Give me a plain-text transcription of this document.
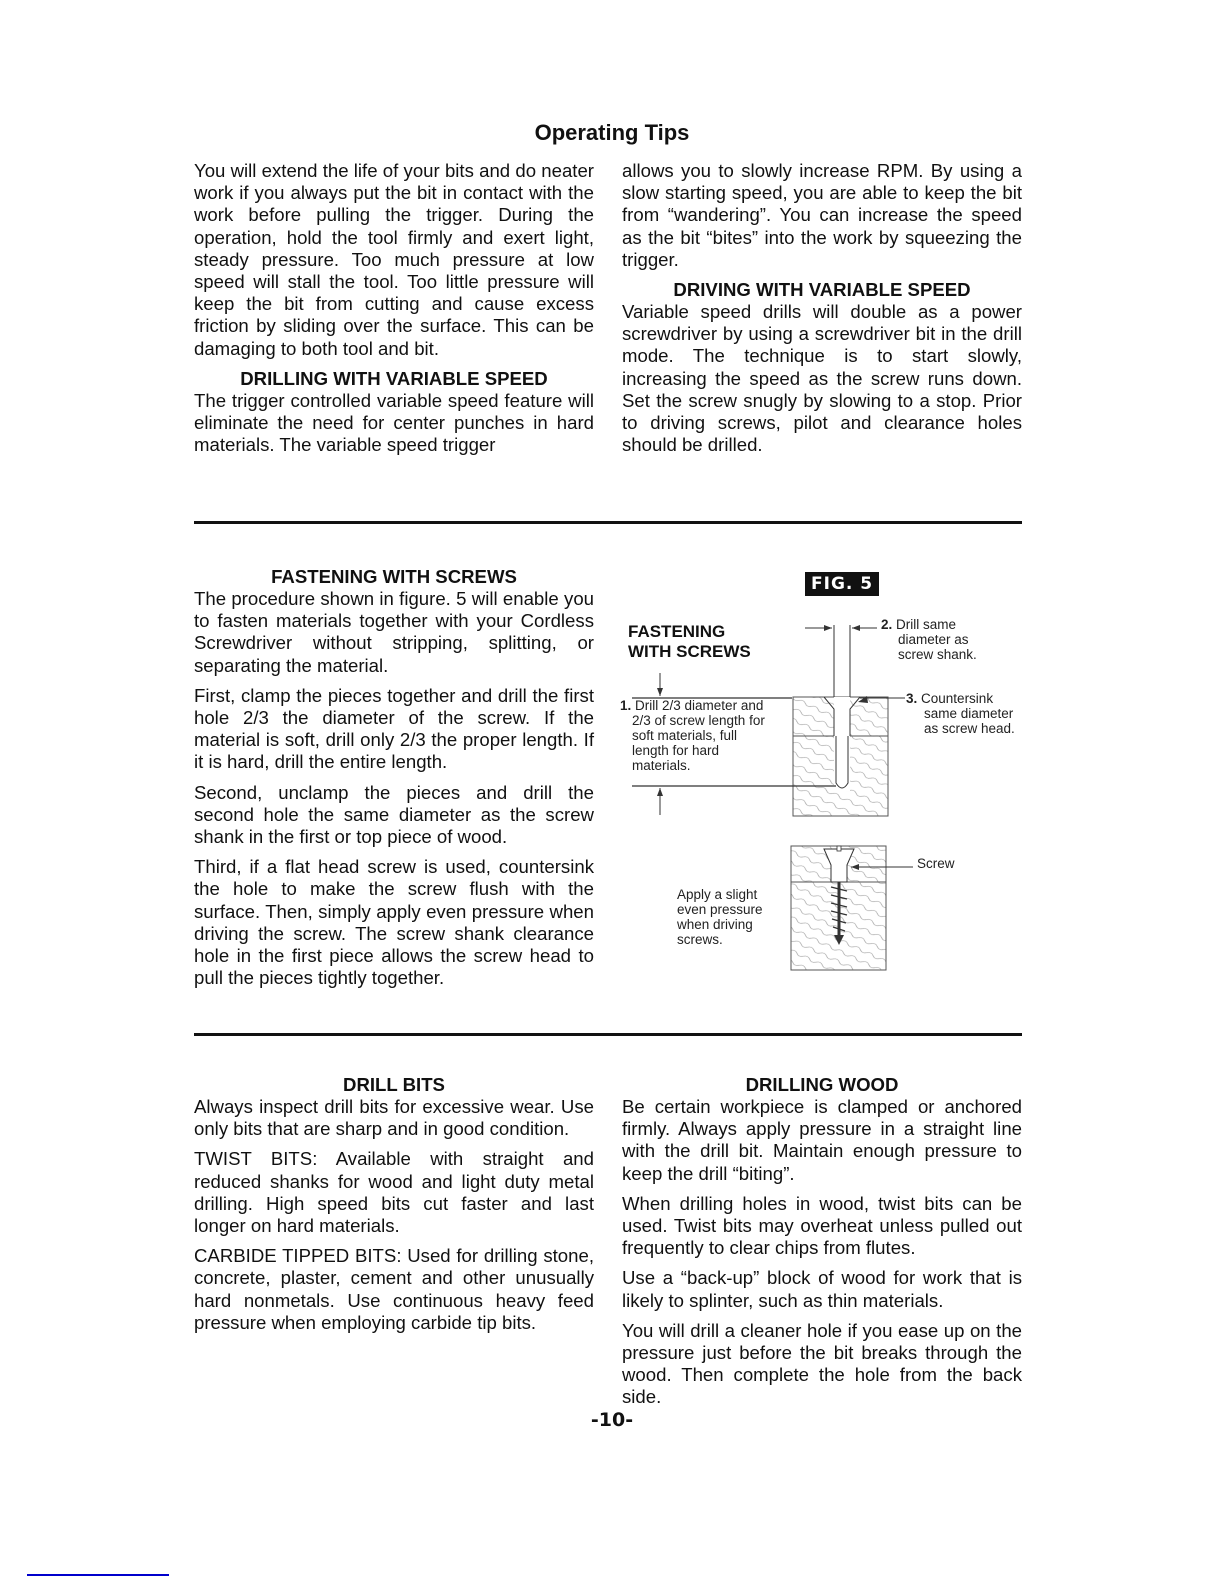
Operating Tips

You will extend the life of your bits and do neater work if you always put the bit in contact with the work before pulling the trigger. During the operation, hold the tool firmly and exert light, steady pressure. Too much pressure at low speed will stall the tool. Too little pressure will keep the bit from cutting and cause excess friction by sliding over the surface. This can be damaging to both tool and bit.

DRILLING WITH VARIABLE SPEED

The trigger controlled variable speed feature will eliminate the need for center punches in hard materials. The variable speed trigger

allows you to slowly increase RPM. By using a slow starting speed, you are able to keep the bit from “wandering”. You can increase the speed as the bit “bites” into the work by squeezing the trigger.

DRIVING WITH VARIABLE SPEED

Variable speed drills will double as a power screwdriver by using a screwdriver bit in the drill mode. The technique is to start slowly, increasing the speed as the screw runs down. Set the screw snugly by slowing to a stop. Prior to driving screws, pilot and clearance holes should be drilled.

FASTENING WITH SCREWS

The procedure shown in figure. 5 will enable you to fasten materials together with your Cordless Screwdriver without stripping, splitting, or separating the material.

First, clamp the pieces together and drill the first hole 2/3 the diameter of the screw. If the material is soft, drill only 2/3 the proper length. If it is hard, drill the entire length.

Second, unclamp the pieces and drill the second hole the same diameter as the screw shank in the first or top piece of wood.

Third, if a flat head screw is used, countersink the hole to make the screw flush with the surface. Then, simply apply even pressure when driving the screw. The screw shank clearance hole in the first piece allows the screw head to pull the pieces tightly together.

FIG. 5
FASTENING
WITH SCREWS
1. Drill 2/3 diameter and
2/3 of screw length for
soft materials, full
length for hard
materials.
2. Drill same
diameter as
screw shank.
3. Countersink
same diameter
as screw head.
Screw
Apply a slight
even pressure
when driving
screws.
DRILL BITS

Always inspect drill bits for excessive wear. Use only bits that are sharp and in good condition.

TWIST BITS: Available with straight and reduced shanks for wood and light duty metal drilling. High speed bits cut faster and last longer on hard materials.

CARBIDE TIPPED BITS: Used for drilling stone, concrete, plaster, cement and other unusually hard nonmetals. Use continuous heavy feed pressure when employing carbide tip bits.

DRILLING WOOD

Be certain workpiece is clamped or anchored firmly. Always apply pressure in a straight line with the drill bit. Maintain enough pressure to keep the drill “biting”.

When drilling holes in wood, twist bits can be used. Twist bits may overheat unless pulled out frequently to clear chips from flutes.

Use a “back-up” block of wood for work that is likely to splinter, such as thin materials.

You will drill a cleaner hole if you ease up on the pressure just before the bit breaks through the wood. Then complete the hole from the back side.

-10-
